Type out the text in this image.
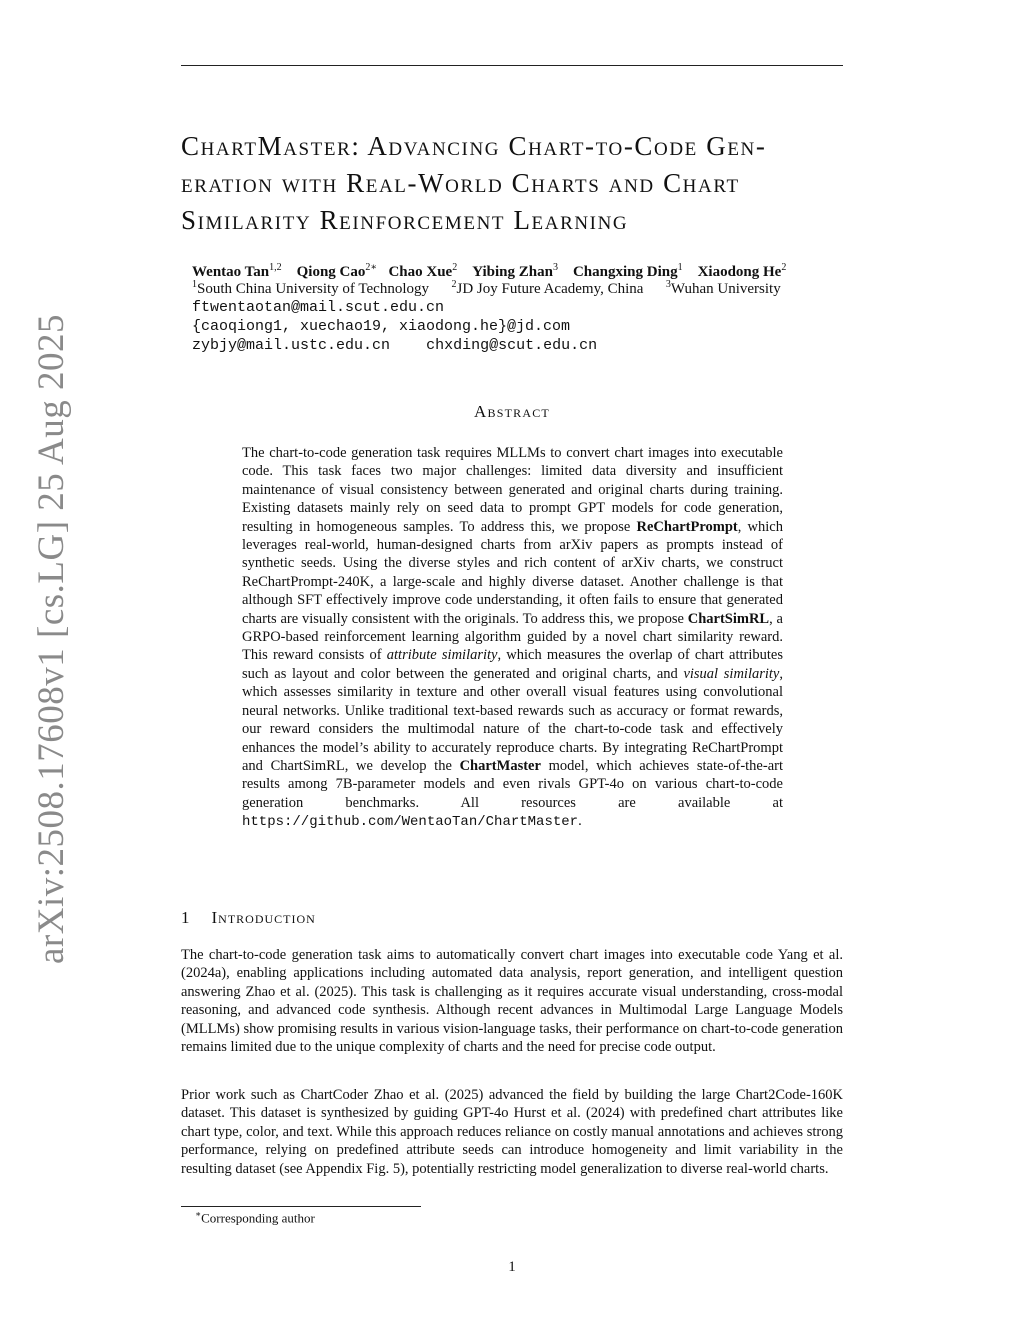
arXiv:2508.17608v1 [cs.LG] 25 Aug 2025
ChartMaster: Advancing Chart-to-Code Gen-
eration with Real-World Charts and Chart
Similarity Reinforcement Learning
Wentao Tan$^{1,2}$ Qiong Cao$^{2∗}$ Chao Xue$^2$ Yibing Zhan$^3$ Changxing Ding$^1$ Xiaodong He$^2$
$^1$South China University of Technology $^2$JD Joy Future Academy, China $^3$Wuhan University
ftwentaotan@mail.scut.edu.cn
{caoqiong1, xuechao19, xiaodong.he}@jd.com
zybjy@mail.ustc.edu.cn chxding@scut.edu.cn
Abstract
The chart-to-code generation task requires MLLMs to convert chart images into executable code. This task faces two major challenges: limited data diversity and insufficient maintenance of visual consistency between generated and original charts during training. Existing datasets mainly rely on seed data to prompt GPT models for code generation, resulting in homogeneous samples. To address this, we propose ReChartPrompt, which leverages real-world, human-designed charts from arXiv papers as prompts instead of synthetic seeds. Using the diverse styles and rich content of arXiv charts, we construct ReChartPrompt-240K, a large-scale and highly diverse dataset. Another challenge is that although SFT effectively improve code understanding, it often fails to ensure that generated charts are visually consistent with the originals. To address this, we propose ChartSimRL, a GRPO-based reinforcement learning algorithm guided by a novel chart similarity reward. This reward consists of attribute similarity, which measures the overlap of chart attributes such as layout and color between the generated and original charts, and visual similarity, which assesses similarity in texture and other overall visual features using convolutional neural networks. Unlike traditional text-based rewards such as accuracy or format rewards, our reward considers the multimodal nature of the chart-to-code task and effectively enhances the model’s ability to accurately reproduce charts. By integrating ReChartPrompt and ChartSimRL, we develop the ChartMaster model, which achieves state-of-the-art results among 7B-parameter models and even rivals GPT-4o on various chart-to-code generation benchmarks. All resources are available at https://github.com/WentaoTan/ChartMaster.
1 Introduction
The chart-to-code generation task aims to automatically convert chart images into executable code Yang et al. (2024a), enabling applications including automated data analysis, report generation, and intelligent question answering Zhao et al. (2025). This task is challenging as it requires accurate visual understanding, cross-modal reasoning, and advanced code synthesis. Although recent advances in Multimodal Large Language Models (MLLMs) show promising results in various vision-language tasks, their performance on chart-to-code generation remains limited due to the unique complexity of charts and the need for precise code output.
Prior work such as ChartCoder Zhao et al. (2025) advanced the field by building the large Chart2Code-160K dataset. This dataset is synthesized by guiding GPT-4o Hurst et al. (2024) with predefined chart attributes like chart type, color, and text. While this approach reduces reliance on costly manual annotations and achieves strong performance, relying on predefined attribute seeds can introduce homogeneity and limit variability in the resulting dataset (see Appendix Fig. 5), potentially restricting model generalization to diverse real-world charts.
∗Corresponding author
1
